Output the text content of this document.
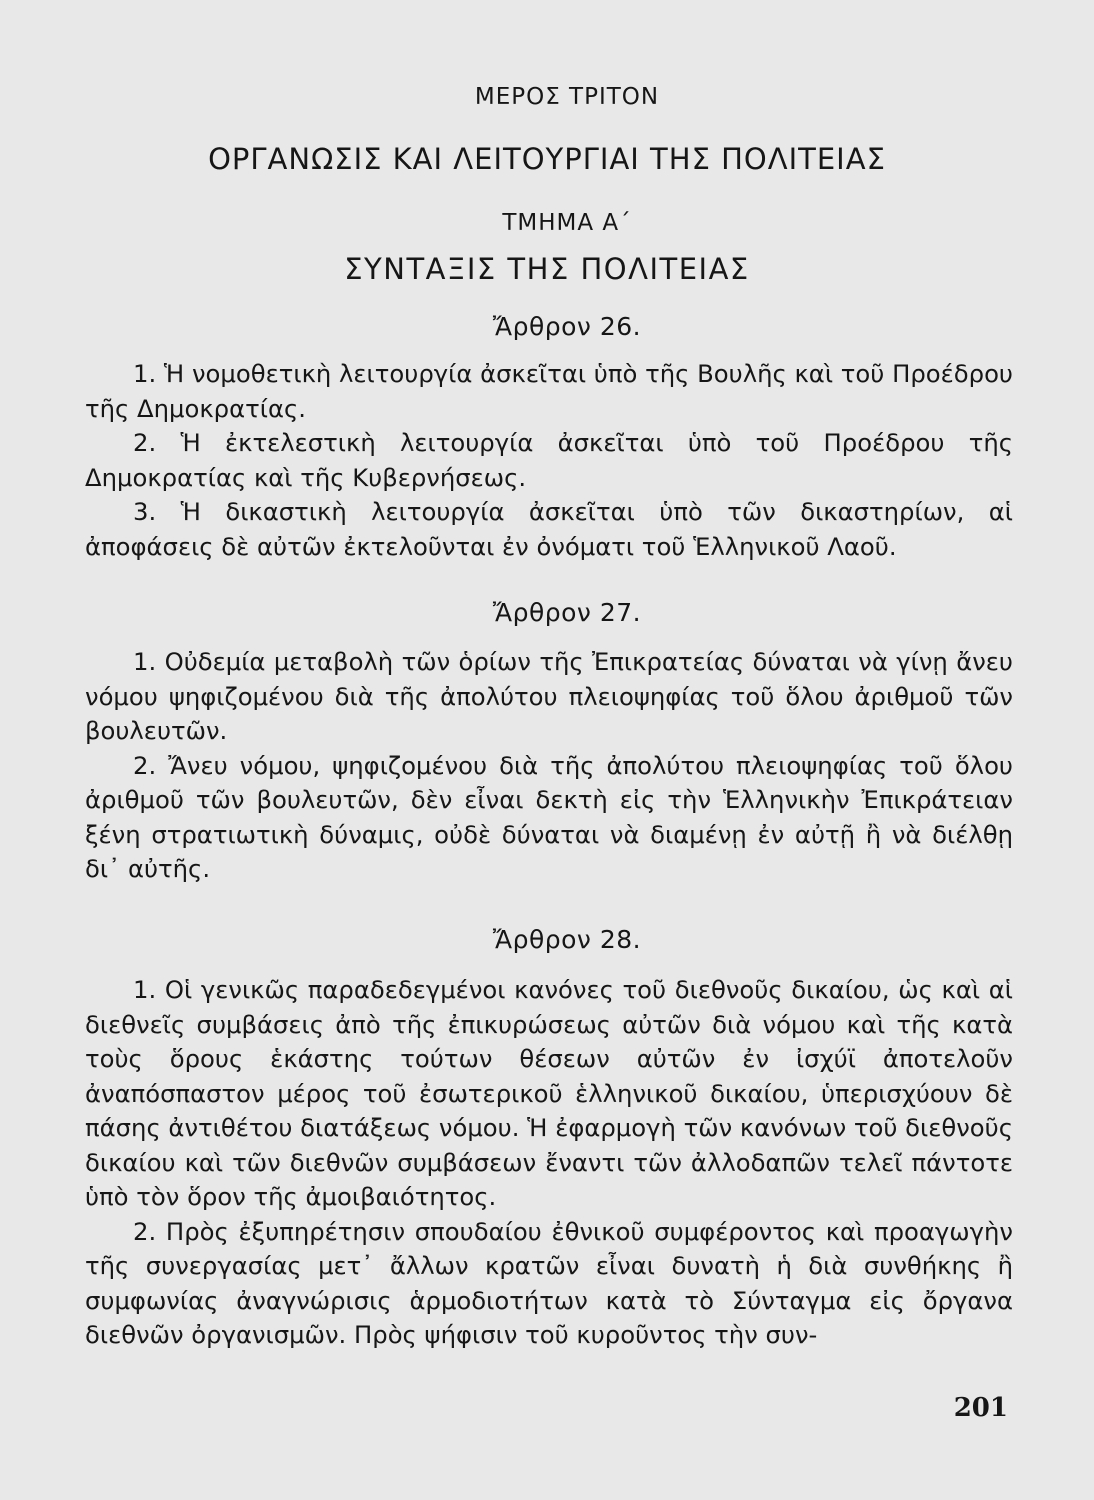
ΜΕΡΟΣ ΤΡΙΤΟΝ
ΟΡΓΑΝΩΣΙΣ ΚΑΙ ΛΕΙΤΟΥΡΓΙΑΙ ΤΗΣ ΠΟΛΙΤΕΙΑΣ
ΤΜΗΜΑ Α΄
ΣΥΝΤΑΞΙΣ ΤΗΣ ΠΟΛΙΤΕΙΑΣ
Ἄρθρον 26.

1. Ἡ νομοθετικὴ λειτουργία ἀσκεῖται ὑπὸ τῆς Βουλῆς καὶ τοῦ Προέδρου τῆς Δημοκρατίας.

2. Ἡ ἐκτελεστικὴ λειτουργία ἀσκεῖται ὑπὸ τοῦ Προέδρου τῆς Δημοκρατίας καὶ τῆς Κυβερνήσεως.

3. Ἡ δικαστικὴ λειτουργία ἀσκεῖται ὑπὸ τῶν δικαστηρίων, αἱ ἀποφάσεις δὲ αὐτῶν ἐκτελοῦνται ἐν ὀνόματι τοῦ Ἑλληνικοῦ Λαοῦ.

Ἄρθρον 27.

1. Οὐδεμία μεταβολὴ τῶν ὁρίων τῆς Ἐπικρατείας δύναται νὰ γίνῃ ἄνευ νόμου ψηφιζομένου διὰ τῆς ἀπολύτου πλειοψηφίας τοῦ ὅλου ἀριθμοῦ τῶν βουλευτῶν.

2. Ἄνευ νόμου, ψηφιζομένου διὰ τῆς ἀπολύτου πλειοψηφίας τοῦ ὅλου ἀριθμοῦ τῶν βουλευτῶν, δὲν εἶναι δεκτὴ εἰς τὴν Ἑλληνικὴν Ἐπικράτειαν ξένη στρατιωτικὴ δύναμις, οὐδὲ δύναται νὰ διαμένῃ ἐν αὐτῇ ἢ νὰ διέλθῃ δι᾽ αὐτῆς.

Ἄρθρον 28.

1. Οἱ γενικῶς παραδεδεγμένοι κανόνες τοῦ διεθνοῦς δικαίου, ὡς καὶ αἱ διεθνεῖς συμβάσεις ἀπὸ τῆς ἐπικυρώσεως αὐτῶν διὰ νόμου καὶ τῆς κατὰ τοὺς ὅρους ἑκάστης τούτων θέσεων αὐτῶν ἐν ἰσχύϊ ἀποτελοῦν ἀναπόσπαστον μέρος τοῦ ἐσωτερικοῦ ἑλληνικοῦ δικαίου, ὑπερισχύουν δὲ πάσης ἀντιθέτου διατάξεως νόμου. Ἡ ἐφαρμογὴ τῶν κανόνων τοῦ διεθνοῦς δικαίου καὶ τῶν διεθνῶν συμβάσεων ἔναντι τῶν ἀλλοδαπῶν τελεῖ πάντοτε ὑπὸ τὸν ὅρον τῆς ἀμοιβαιότητος.

2. Πρὸς ἐξυπηρέτησιν σπουδαίου ἐθνικοῦ συμφέροντος καὶ προαγωγὴν τῆς συνεργασίας μετ᾽ ἄλλων κρατῶν εἶναι δυνατὴ ἡ διὰ συνθήκης ἢ συμφωνίας ἀναγνώρισις ἁρμοδιοτήτων κατὰ τὸ Σύνταγμα εἰς ὄργανα διεθνῶν ὀργανισμῶν. Πρὸς ψήφισιν τοῦ κυροῦντος τὴν συν-

201
